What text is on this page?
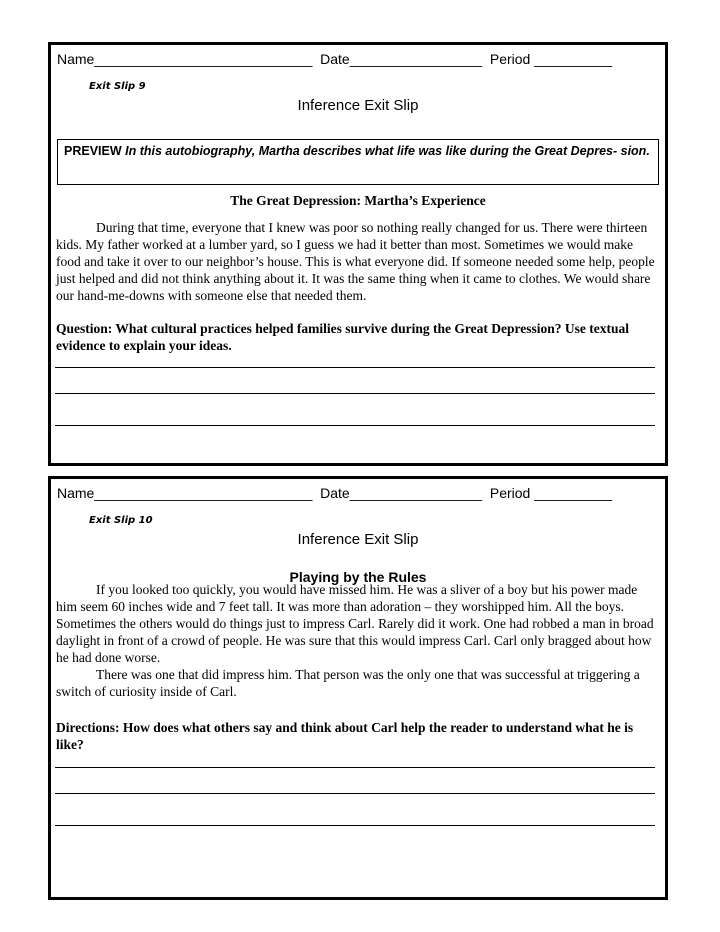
Name____________________________ Date_________________ Period __________
Exit Slip 9
Inference Exit Slip
PREVIEW In this autobiography, Martha describes what life was like during the Great Depres- sion.
The Great Depression: Martha’s Experience

During that time, everyone that I knew was poor so nothing really changed for us. There were thirteen kids. My father worked at a lumber yard, so I guess we had it better than most. Sometimes we would make food and take it over to our neighbor’s house. This is what everyone did. If someone needed some help, people just helped and did not think anything about it. It was the same thing when it came to clothes. We would share our hand-me-downs with someone else that needed them.

Question: What cultural practices helped families survive during the Great Depression? Use textual evidence to explain your ideas.
Name____________________________ Date_________________ Period __________
Exit Slip 10
Inference Exit Slip
Playing by the Rules

If you looked too quickly, you would have missed him. He was a sliver of a boy but his power made him seem 60 inches wide and 7 feet tall. It was more than adoration – they worshipped him. All the boys. Sometimes the others would do things just to impress Carl. Rarely did it work. One had robbed a man in broad daylight in front of a crowd of people. He was sure that this would impress Carl. Carl only bragged about how he had done worse.

There was one that did impress him. That person was the only one that was successful at triggering a switch of curiosity inside of Carl.

Directions: How does what others say and think about Carl help the reader to understand what he is like?
